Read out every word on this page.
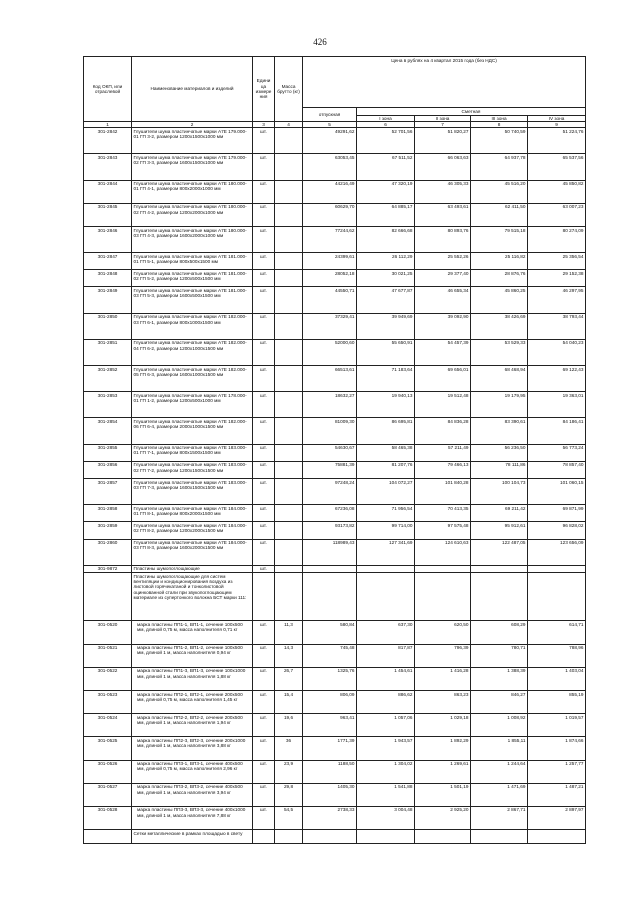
426
Код ОКП, или отраслевой	Наименование материалов и изделий	Едини ца измере ния	Масса брутто (кг)	Цена в рублях на 4 квартал 2015 года (без НДС)				
				отпускная	Сметная			
					I зона	II зона	III зона	IV зона
1	2	3	4	5	6	7	8	9
301-2842	Глушители шума пластинчатые марки А7Е 179.000-01 ГП 3-2, размером 1200х1500х1000 мм	шт.		49291,62	52 701,56	51 820,27	50 740,59	51 224,76
301-2843	Глушители шума пластинчатые марки А7Е 179.000-02 ГП 3-3, размером 1600х1500х1000 мм	шт.		63053,45	67 511,52	66 063,63	64 937,78	65 537,56
301-2844	Глушители шума пластинчатые марки А7Е 180.000-01 ГП 4-1, размером 800х2000х1000 мм	шт.		44216,49	47 320,19	46 305,33	45 516,20	45 850,82
301-2845	Глушители шума пластинчатые марки А7Е 180.000-02 ГП 4-2, размером 1200х2000х1000 мм	шт.		60629,70	64 885,17	63 493,61	62 411,50	63 007,23
301-2846	Глушители шума пластинчатые марки А7Е 180.000-03 ГП 4-3, размером 1600х2000х1000 мм	шт.		77244,62	82 666,68	80 893,76	79 515,18	80 274,09
301-2847	Глушители шума пластинчатые марки А7Е 181.000-01 ГП 5-1, размером 800х500х1500 мм	шт.		24399,61	26 112,29	25 552,26	25 116,82	25 356,54
301-2848	Глушители шума пластинчатые марки А7Е 181.000-02 ГП 5-2, размером 1200х500х1500 мм	шт.		28052,18	30 021,25	29 377,40	28 876,76	29 152,38
301-2849	Глушители шума пластинчатые марки А7Е 181.000-03 ГП 5-3, размером 1600х500х1500 мм	шт.		44550,71	47 677,87	46 655,34	45 860,25	46 297,95
301-2850	Глушители шума пластинчатые марки А7Е 182.000-03 ГП 6-1, размером 800х1000х1500 мм	шт.		37329,41	39 949,69	39 092,90	38 426,69	38 793,44
301-2851	Глушители шума пластинчатые марки А7Е 182.000-04 ГП 6-2, размером 1200х1000х1500 мм	шт.		52000,60	55 650,91	54 457,39	53 529,33	54 040,23
301-2852	Глушители шума пластинчатые марки А7Е 182.000-05 ГП 6-3, размером 1600х1000х1500 мм	шт.		66513,61	71 183,64	69 656,01	68 468,94	69 122,43
301-2853	Глушители шума пластинчатые марки А7Е 178.000-01 ГП 1-2, размером 1200х500х1000 мм	шт.		18632,27	19 940,13	19 512,48	19 179,95	19 363,01
301-2854	Глушители шума пластинчатые марки А7Е 182.000-06 ГП 6-4, размером 2000х1000х1500 мм	шт.		81009,30	86 695,81	84 836,28	83 390,61	84 186,41
301-2855	Глушители шума пластинчатые марки А7Е 183.000-01 ГП 7-1, размером 800х1500х1500 мм	шт.		54630,67	58 465,38	57 211,49	56 236,50	56 773,24
301-2856	Глушители шума пластинчатые марки А7Е 183.000-02 ГП 7-2, размером 1200х1500х1500 мм	шт.		75881,39	81 207,76	79 466,13	78 111,86	78 857,40
301-2857	Глушители шума пластинчатые марки А7Е 183.000-03 ГП 7-3, размером 1600х1500х1500 мм	шт.		97248,24	104 072,27	101 840,28	100 104,73	101 060,15
301-2858	Глушители шума пластинчатые марки А7Е 184.000-01 ГП 8-1, размером 800х2000х1500 мм	шт.		67236,08	71 956,54	70 413,35	69 211,42	69 871,99
301-2859	Глушители шума пластинчатые марки А7Е 184.000-02 ГП 8-2, размером 1200х2000х1500 мм	шт.		93173,82	99 714,00	97 575,48	95 912,61	96 828,02
301-2860	Глушители шума пластинчатые марки А7Е 184.000-03 ГП 8-3, размером 1600х2000х1500 мм	шт.		118989,43	127 341,69	124 610,63	122 487,05	123 656,09
301-9872	Пластины шумопоглощающие	шт.						
	Пластины шумопоглощающие для систем вентиляции и кондиционирования воздуха из листовой горячекатаной и тонколистовой оцинкованной стали при звукопоглощающем материале из супертонкого волокна БСТ марки 111:							
301-0520	марка пластины ПП1-1, ВП1-1, сечение 100х500 мм, длиной 0,75 м, масса наполнителя 0,71 кг	шт.	11,3	580,84	637,30	620,50	608,29	614,71
301-0521	марка пластины ПП1-2, ВП1-2, сечение 100х500 мм, длиной 1 м, масса наполнителя 0,94 кг	шт.	14,3	745,48	817,87	796,39	780,71	788,96
301-0522	марка пластины ПП1-3, ВП1-3, сечение 100х1000 мм, длиной 1 м, масса наполнителя 1,88 кг	шт.	26,7	1325,76	1 454,61	1 416,28	1 388,39	1 403,04
301-0523	марка пластины ПП2-1, ВП2-1, сечение 200х500 мм, длиной 0,75 м, масса наполнителя 1,45 кг	шт.	15,4	806,09	886,62	863,23	846,27	855,19
301-0524	марка пластины ПП2-2, ВП2-2, сечение 200х500 мм, длиной 1 м, масса наполнителя 1,94 кг	шт.	19,6	963,41	1 057,06	1 029,18	1 008,92	1 019,57
301-0525	марка пластины ПП2-3, ВП2-3, сечение 200х1000 мм, длиной 1 м, масса наполнителя 3,88 кг	шт.	36	1771,39	1 943,57	1 892,29	1 855,11	1 874,66
301-0526	марка пластины ПП3-1, ВП3-1, сечение 400х500 мм, длиной 0,75 м, масса наполнителя 2,96 кг	шт.	23,9	1188,50	1 304,02	1 269,61	1 244,64	1 257,77
301-0527	марка пластины ПП3-2, ВП3-2, сечение 400х500 мм, длиной 1 м, масса наполнителя 3,94 кг	шт.	29,8	1405,30	1 541,88	1 501,19	1 471,69	1 487,21
301-0528	марка пластины ПП3-3, ВП3-3, сечение 400х1000 мм, длиной 1 м, масса наполнителя 7,88 кг	шт.	54,5	2738,33	3 004,48	2 925,20	2 867,71	2 897,97
	Сетки металлические в рамках площадью в свету							
